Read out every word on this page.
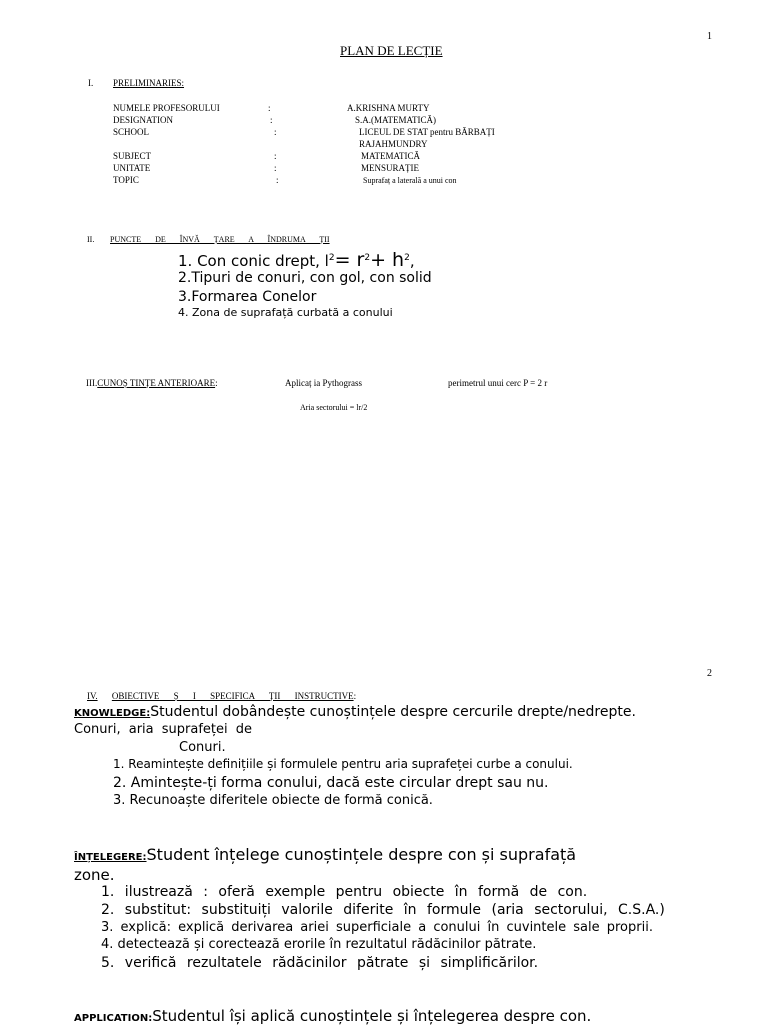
1
PLAN DE LECȚIE
I. PRELIMINARIES:
NUMELE PROFESORULUI	:	A.KRISHNA MURTY
DESIGNATION	:	S.A.(MATEMATICĂ)
SCHOOL	:	LICEUL DE STAT pentru BĂRBAȚI
RAJAHMUNDRY
SUBJECT	:	MATEMATICĂ
UNITATE	:	MENSURAȚIE
TOPIC	:	Suprafaț a laterală a unui con
II. PUNCTE DE ÎNVĂ ȚARE A ÎNDRUMA ȚII
1. Con conic drept, $l^2= r^2+ h^2$,
2.Tipuri de conuri, con gol, con solid
3.Formarea Conelor
4. Zona de suprafață curbată a conului
III.CUNOȘ TINȚE ANTERIOARE:	Aplicaț ia Pythograss	perimetrul unui cerc P = 2 r
Aria sectorului = lr/2
2
IV. OBIECTIVE Ș I SPECIFICA ȚII INSTRUCTIVE:
KNOWLEDGE:Studentul dobândește cunoștințele despre cercurile drepte/nedrepte.
Conuri, aria suprafeței de
Conuri.
1. Reamintește definițiile și formulele pentru aria suprafeței curbe a conului.
2. Amintește-ți forma conului, dacă este circular drept sau nu.
3. Recunoaște diferitele obiecte de formă conică.
ÎNȚELEGERE:Student înțelege cunoștințele despre con și suprafață
zone.
1. ilustrează : oferă exemple pentru obiecte în formă de con.
2. substitut: substituiți valorile diferite în formule (aria sectorului, C.S.A.)
3. explică: explică derivarea ariei superficiale a conului în cuvintele sale proprii.
4. detectează și corectează erorile în rezultatul rădăcinilor pătrate.
5. verifică rezultatele rădăcinilor pătrate și simplificărilor.
APPLICATION:Studentul își aplică cunoștințele și înțelegerea despre con.
